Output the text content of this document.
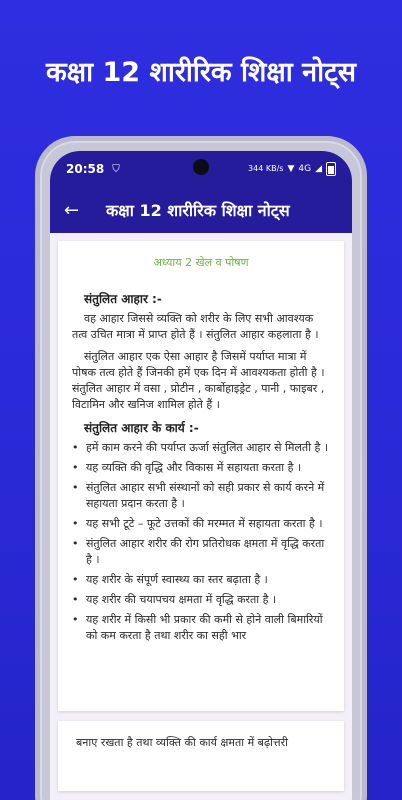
कक्षा 12 शारीरिक शिक्षा नोट्स
20:58 ⛉	344 KB/s ▼ 4G ◢
←	कक्षा 12 शारीरिक शिक्षा नोट्स
अध्याय 2 खेल व पोषण
संतुलित आहार :-

वह आहार जिससे व्यक्ति को शरीर के लिए सभी आवश्यक तत्व उचित मात्रा में प्राप्त होते हैं । संतुलित आहार कहलाता है ।

संतुलित आहार एक ऐसा आहार है जिसमें पर्याप्त मात्रा में पोषक तत्व होते हैं जिनकी हमें एक दिन में आवश्यकता होती है । संतुलित आहार में वसा , प्रोटीन , कार्बोहाइड्रेट , पानी , फाइबर , विटामिन और खनिज शामिल होते हैं ।

संतुलित आहार के कार्य :-
• हमें काम करने की पर्याप्त ऊर्जा संतुलित आहार से मिलती है ।
• यह व्यक्ति की वृद्धि और विकास में सहायता करता है ।
• संतुलित आहार सभी संस्थानों को सही प्रकार से कार्य करने में सहायता प्रदान करता है ।
• यह सभी टूटे – फूटे उत्तकों की मरम्मत में सहायता करता है ।
• संतुलित आहार शरीर की रोग प्रतिरोधक क्षमता में वृद्धि करता है ।
• यह शरीर के संपूर्ण स्वास्थ्य का स्तर बढ़ाता है ।
• यह शरीर की चयापचय क्षमता में वृद्धि करता है ।
• यह शरीर में किसी भी प्रकार की कमी से होने वाली बिमारियों को कम करता है तथा शरीर का सही भार

बनाए रखता है तथा व्यक्ति की कार्य क्षमता में बढ़ोत्तरी
